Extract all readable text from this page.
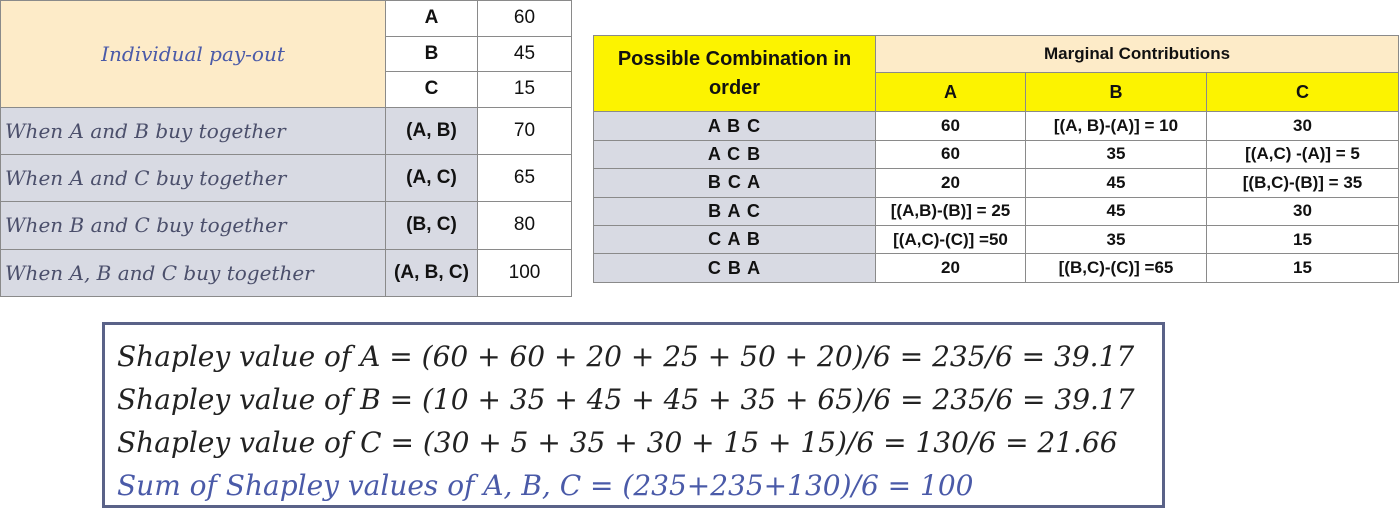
Individual pay-out	A	60
	B	45
	C	15
When A and B buy together	(A, B)	70
When A and C buy together	(A, C)	65
When B and C buy together	(B, C)	80
When A, B and C buy together	(A, B, C)	100
Possible Combination in order	Marginal Contributions		
	A	B	C
A B C	60	[(A, B)-(A)] = 10	30
A C B	60	35	[(A,C) -(A)] = 5
B C A	20	45	[(B,C)-(B)] = 35
B A C	[(A,B)-(B)] = 25	45	30
C A B	[(A,C)-(C)] =50	35	15
C B A	20	[(B,C)-(C)] =65	15
Shapley value of A = (60 + 60 + 20 + 25 + 50 + 20)/6 = 235/6 = 39.17
Shapley value of B = (10 + 35 + 45 + 45 + 35 + 65)/6 = 235/6 = 39.17
Shapley value of C = (30 + 5 + 35 + 30 + 15 + 15)/6 = 130/6 = 21.66
Sum of Shapley values of A, B, C = (235+235+130)/6 = 100
